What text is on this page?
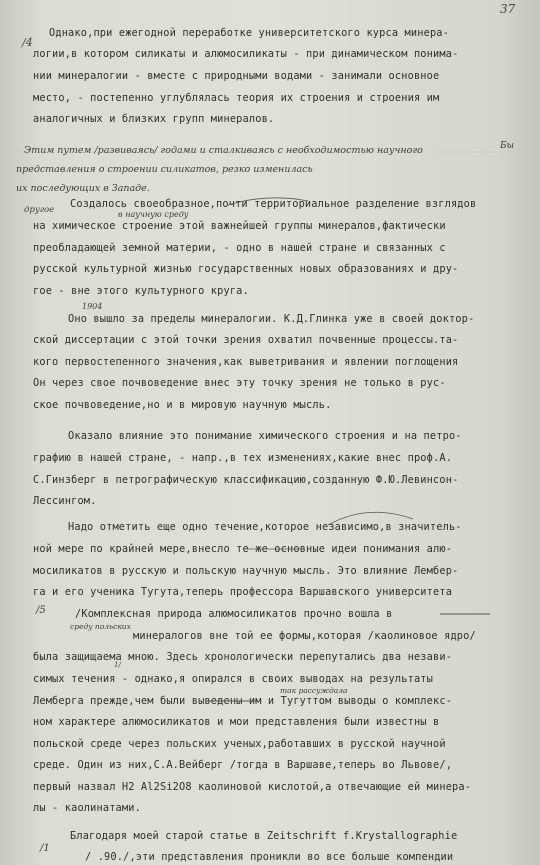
37
/4
Однако,при ежегодной переработке университетского курса минера-
логии,в котором силикаты и алюмосиликаты - при динамическом понима-
нии минералогии - вместе с природными водами - занимали основное
место, - постепенно углублялась теория их строения и строения им
аналогичных и близких групп минералов.
Этим путем /развиваясь/ годами и сталкиваясь с необходимостью научного
представления о строении силикатов, резко изменилась
их последующих в Западе.
Бы
другое Создалось своеобразное,почти территориальное разделение взглядов
в научную среду
на химическое строение этой важнейшей группы минералов,фактически
преобладающей земной материи, - одно в нашей стране и связанных с
русской культурной жизнью государственных новых образованиях и дру-
гое - вне этого культурного круга.
1904
Оно вышло за пределы минералогии. К.Д.Глинка уже в своей доктор-
ской диссертации с этой точки зрения охватил почвенные процессы.та-
кого первостепенного значения,как выветривания и явлении поглощения
Он через свое почвоведение внес эту точку зрения не только в рус-
ское почвоведение,но и в мировую научную мысль.
Оказало влияние это понимание химического строения и на петро-
графию в нашей стране, - напр.,в тех изменениях,какие внес проф.А.
С.Гинзберг в петрографическую классификацию,созданную Ф.Ю.Левинсон-
Лессингом.
Надо отметить еще одно течение,которое независимо,в значитель-
ной мере по крайней мере,внесло те же основные идеи понимания алю-
мосиликатов в русскую и польскую научную мысль. Это влияние Лембер-
га и его ученика Тугута,теперь профессора Варшавского университета
/5	/Комплексная природа алюмосиликатов прочно вошла в
среду польских
минералогов вне той ее формы,которая /каолиновое ядро/
была защищаема мною. Здесь хронологически перепутались два незави-
1/
симых течения - однако,я опирался в своих выводах на результаты
так рассуждала
Лемберга прежде,чем были выведены им и Тугуттом выводы о комплекс-
ном характере алюмосиликатов и мои представления были известны в
польской среде через польских ученых,работавших в русской научной
среде. Один из них,С.А.Вейберг /тогда в Варшаве,теперь во Львове/,
первый назвал H2 Al2Si2O8 каолиновой кислотой,а отвечающие ей минера-
лы - каолинатами.
Благодаря моей старой статье в Zeitschrift f.Krystallographie
/1
/ .90./,эти представления проникли во все больше компендии
